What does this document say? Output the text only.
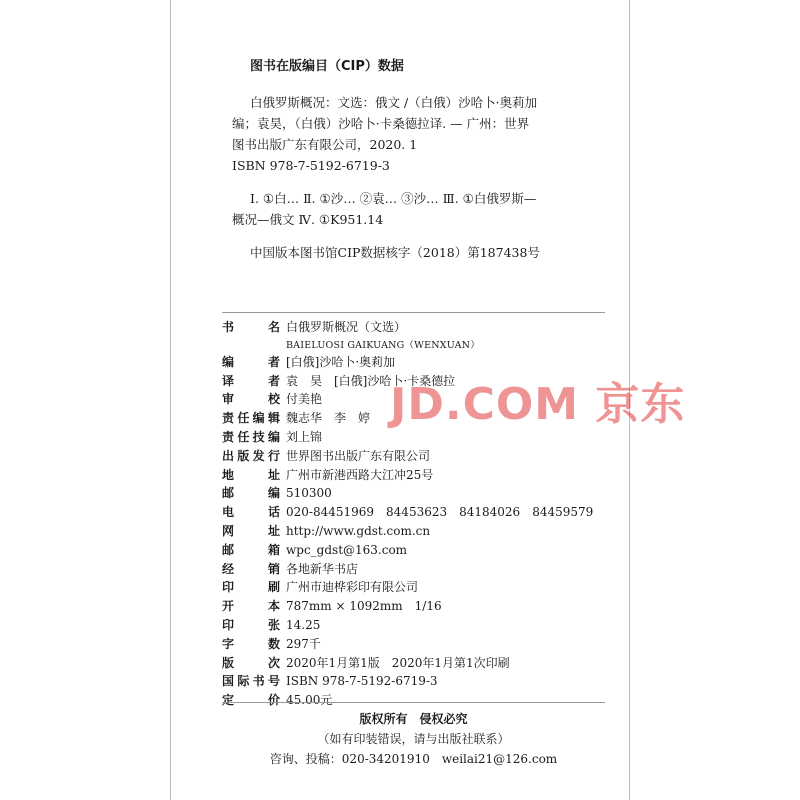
图书在版编目（CIP）数据
白俄罗斯概况：文选：俄文 /（白俄）沙哈卜·奥莉加
编；袁昊，（白俄）沙哈卜·卡桑德拉译. — 广州：世界
图书出版广东有限公司，2020. 1
ISBN 978-7-5192-6719-3
Ⅰ. ①白… Ⅱ. ①沙… ②袁… ③沙… Ⅲ. ①白俄罗斯—
概况—俄文 Ⅳ. ①K951.14
中国版本图书馆CIP数据核字（2018）第187438号
书　名 白俄罗斯概况（文选）
BAIELUOSI GAIKUANG（WENXUAN）
编　者 [白俄]沙哈卜·奥莉加
译　者 袁　昊　[白俄]沙哈卜·卡桑德拉
审　校 付美艳
责任编辑 魏志华　李　婷
责任技编 刘上锦
出版发行 世界图书出版广东有限公司
地　址 广州市新港西路大江冲25号
邮　编 510300
电　话 020-84451969　84453623　84184026　84459579
网　址 http://www.gdst.com.cn
邮　箱 wpc_gdst@163.com
经　销 各地新华书店
印　刷 广州市迪桦彩印有限公司
开　本 787mm × 1092mm　1/16
印　张 14.25
字　数 297千
版　次 2020年1月第1版　2020年1月第1次印刷
国际书号 ISBN 978-7-5192-6719-3
定　价 45.00元
JD.COM 京东
版权所有　侵权必究
（如有印装错误，请与出版社联系）
咨询、投稿：020-34201910　weilai21@126.com
